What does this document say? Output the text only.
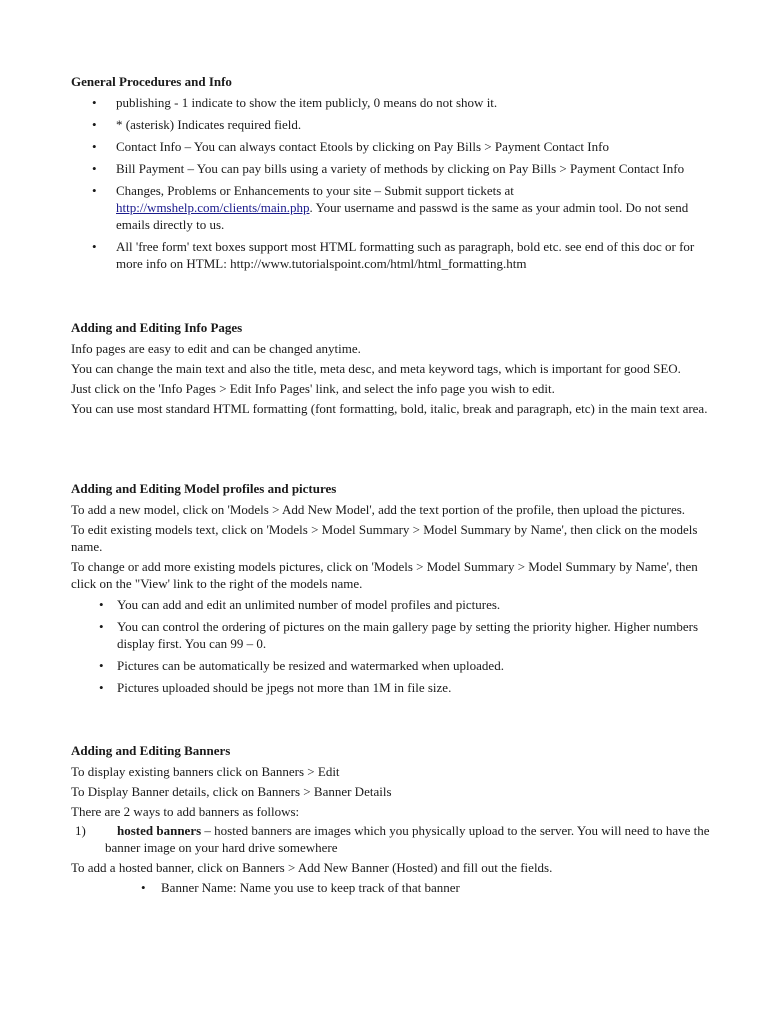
General Procedures and Info
• publishing - 1 indicate to show the item publicly, 0 means do not show it.
• * (asterisk) Indicates required field.
• Contact Info – You can always contact Etools by clicking on Pay Bills > Payment Contact Info
• Bill Payment – You can pay bills using a variety of methods by clicking on Pay Bills > Payment Contact Info
• Changes, Problems or Enhancements to your site – Submit support tickets at http://wmshelp.com/clients/main.php. Your username and passwd is the same as your admin tool. Do not send emails directly to us.
• All 'free form' text boxes support most HTML formatting such as paragraph, bold etc. see end of this doc or for more info on HTML: http://www.tutorialspoint.com/html/html_formatting.htm
Adding and Editing Info Pages

Info pages are easy to edit and can be changed anytime.

You can change the main text and also the title, meta desc, and meta keyword tags, which is important for good SEO.

Just click on the 'Info Pages > Edit Info Pages' link, and select the info page you wish to edit.

You can use most standard HTML formatting (font formatting, bold, italic, break and paragraph, etc) in the main text area.

Adding and Editing Model profiles and pictures

To add a new model, click on 'Models > Add New Model', add the text portion of the profile, then upload the pictures.

To edit existing models text, click on 'Models > Model Summary > Model Summary by Name', then click on the models name.

To change or add more existing models pictures, click on 'Models > Model Summary > Model Summary by Name', then click on the "View' link to the right of the models name.

• You can add and edit an unlimited number of model profiles and pictures.
• You can control the ordering of pictures on the main gallery page by setting the priority higher. Higher numbers display first. You can 99 – 0.
• Pictures can be automatically be resized and watermarked when uploaded.
• Pictures uploaded should be jpegs not more than 1M in file size.
Adding and Editing Banners

To display existing banners click on Banners > Edit

To Display Banner details, click on Banners > Banner Details

There are 2 ways to add banners as follows:

1) hosted banners – hosted banners are images which you physically upload to the server. You will need to have the banner image on your hard drive somewhere

To add a hosted banner, click on Banners > Add New Banner (Hosted) and fill out the fields.

• Banner Name: Name you use to keep track of that banner
